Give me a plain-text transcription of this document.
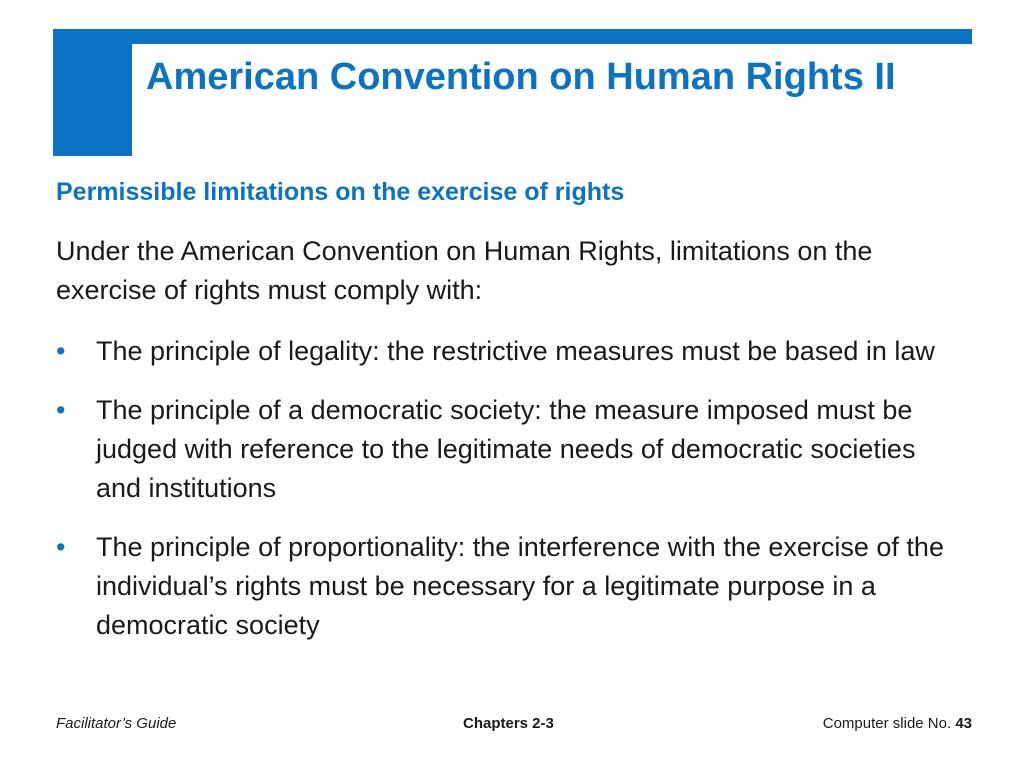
American Convention on Human Rights II
Permissible limitations on the exercise of rights

Under the American Convention on Human Rights, limitations on the exercise of rights must comply with:

•	The principle of legality: the restrictive measures must be based in law
•	The principle of a democratic society: the measure imposed must be judged with reference to the legitimate needs of democratic societies and institutions
•	The principle of proportionality: the interference with the exercise of the individual’s rights must be necessary for a legitimate purpose in a democratic society
Facilitator’s Guide	Chapters 2-3	Computer slide No. 43
